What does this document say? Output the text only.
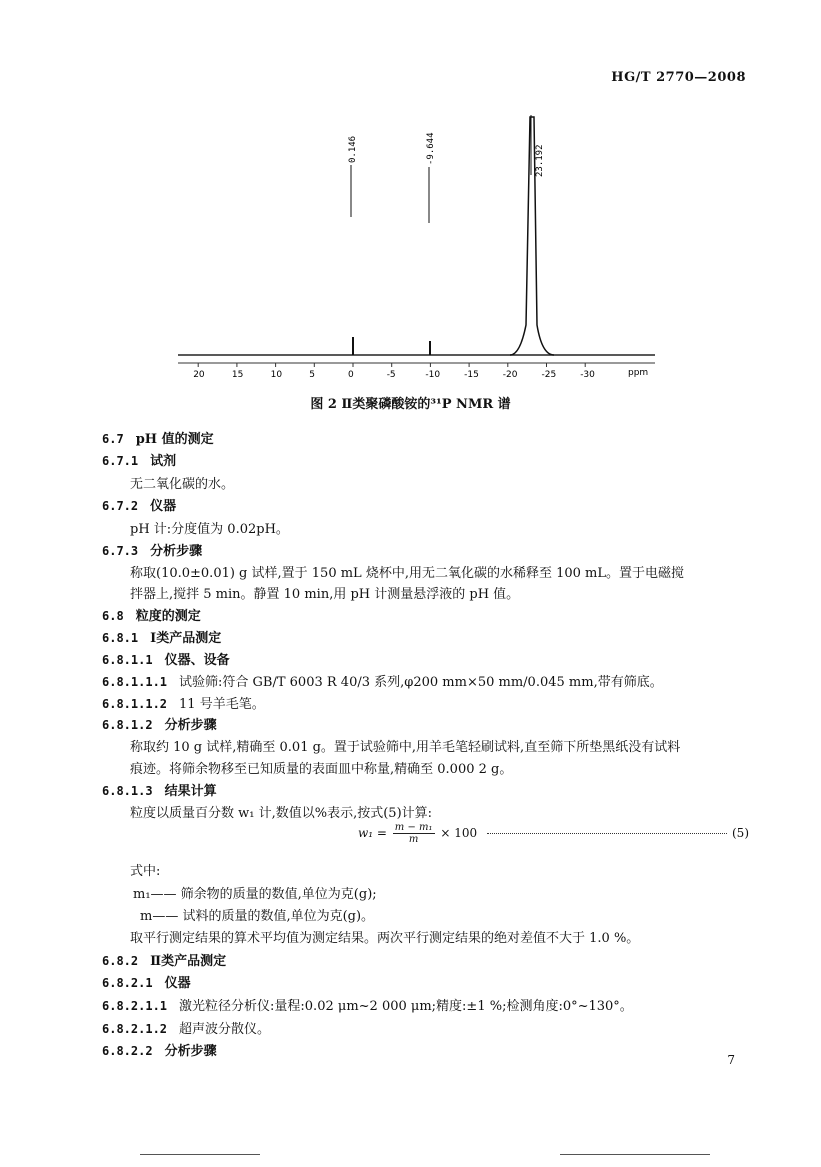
HG/T 2770—2008
0.146	-9.644	23.192
20	15	10	5	0	-5	-10	-15	-20	-25	-30	ppm
图 2 Ⅱ类聚磷酸铵的³¹P NMR 谱
6.7 pH 值的测定
6.7.1 试剂
无二氧化碳的水。
6.7.2 仪器
pH 计:分度值为 0.02pH。
6.7.3 分析步骤
称取(10.0±0.01) g 试样,置于 150 mL 烧杯中,用无二氧化碳的水稀释至 100 mL。置于电磁搅
拌器上,搅拌 5 min。静置 10 min,用 pH 计测量悬浮液的 pH 值。
6.8 粒度的测定
6.8.1 Ⅰ类产品测定
6.8.1.1 仪器、设备
6.8.1.1.1 试验筛:符合 GB/T 6003 R 40/3 系列,φ200 mm×50 mm/0.045 mm,带有筛底。
6.8.1.1.2 11 号羊毛笔。
6.8.1.2 分析步骤
称取约 10 g 试样,精确至 0.01 g。置于试验筛中,用羊毛笔轻刷试料,直至筛下所垫黑纸没有试料
痕迹。将筛余物移至已知质量的表面皿中称量,精确至 0.000 2 g。
6.8.1.3 结果计算
粒度以质量百分数 w₁ 计,数值以%表示,按式(5)计算:
式中:
m₁—— 筛余物的质量的数值,单位为克(g);
m—— 试料的质量的数值,单位为克(g)。
取平行测定结果的算术平均值为测定结果。两次平行测定结果的绝对差值不大于 1.0 %。
6.8.2 Ⅱ类产品测定
6.8.2.1 仪器
6.8.2.1.1 激光粒径分析仪:量程:0.02 μm~2 000 μm;精度:±1 %;检测角度:0°~130°。
6.8.2.1.2 超声波分散仪。
6.8.2.2 分析步骤
$w_1 = \frac{\text{m − m₁}}{m} \times 100$	(5)
7
